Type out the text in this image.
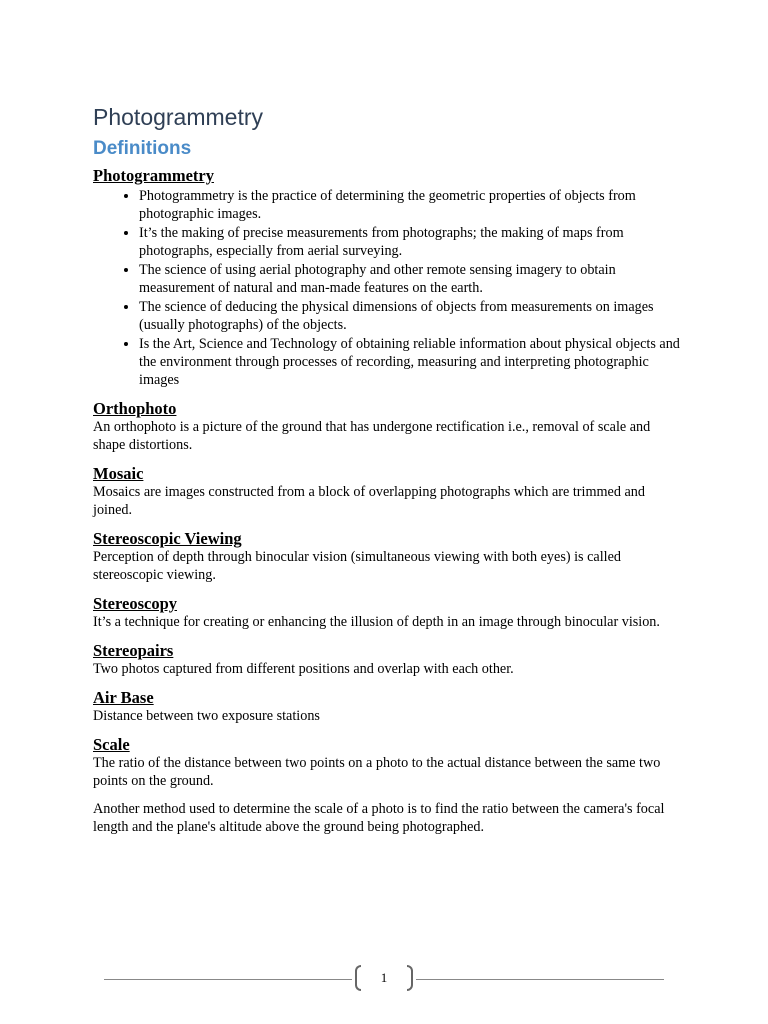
Photogrammetry
Definitions

Photogrammetry

• Photogrammetry is the practice of determining the geometric properties of objects from photographic images.
• It’s the making of precise measurements from photographs; the making of maps from photographs, especially from aerial surveying.
• The science of using aerial photography and other remote sensing imagery to obtain measurement of natural and man-made features on the earth.
• The science of deducing the physical dimensions of objects from measurements on images (usually photographs) of the objects.
• Is the Art, Science and Technology of obtaining reliable information about physical objects and the environment through processes of recording, measuring and interpreting photographic images

Orthophoto

An orthophoto is a picture of the ground that has undergone rectification i.e., removal of scale and shape distortions.

Mosaic

Mosaics are images constructed from a block of overlapping photographs which are trimmed and joined.

Stereoscopic Viewing

Perception of depth through binocular vision (simultaneous viewing with both eyes) is called stereoscopic viewing.

Stereoscopy

It’s a technique for creating or enhancing the illusion of depth in an image through binocular vision.

Stereopairs

Two photos captured from different positions and overlap with each other.

Air Base

Distance between two exposure stations

Scale

The ratio of the distance between two points on a photo to the actual distance between the same two points on the ground.

Another method used to determine the scale of a photo is to find the ratio between the camera's focal length and the plane's altitude above the ground being photographed.

1
